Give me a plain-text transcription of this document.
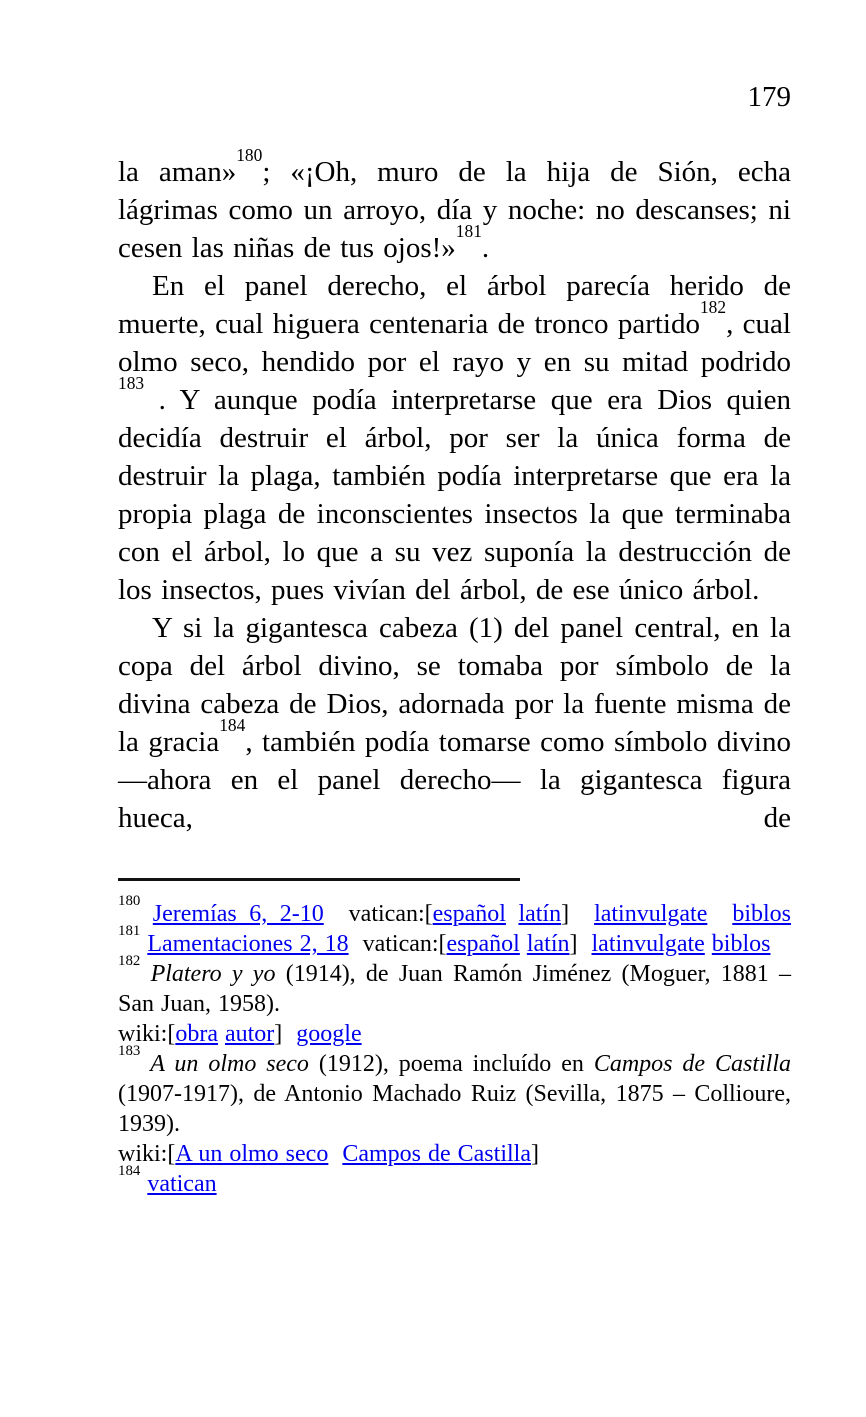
179

la aman»$^{180}$; «¡Oh, muro de la hija de Sión, echa lágrimas como un arroyo, día y noche: no descanses; ni cesen las niñas de tus ojos!»$^{181}$.

En el panel derecho, el árbol parecía herido de muerte, cual higuera centenaria de tronco partido$^{182}$, cual olmo seco, hendido por el rayo y en su mitad podrido $^{183}$ . Y aunque podía interpretarse que era Dios quien decidía destruir el árbol, por ser la única forma de destruir la plaga, también podía interpretarse que era la propia plaga de inconscientes insectos la que terminaba con el árbol, lo que a su vez suponía la destrucción de los insectos, pues vivían del árbol, de ese único árbol.

Y si la gigantesca cabeza (1) del panel central, en la copa del árbol divino, se tomaba por símbolo de la divina cabeza de Dios, adornada por la fuente misma de la gracia$^{184}$, también podía tomarse como símbolo divino —ahora en el panel derecho— la gigantesca figura hueca, de

$^{180}$ Jeremías 6, 2-10  vatican:[español latín]  latinvulgate biblos

$^{181}$ Lamentaciones 2, 18  vatican:[español latín]  latinvulgate biblos

$^{182}$ Platero y yo (1914), de Juan Ramón Jiménez (Moguer, 1881 – San Juan, 1958).
wiki:[obra autor]  google

$^{183}$ A un olmo seco (1912), poema incluído en Campos de Castilla (1907-1917), de Antonio Machado Ruiz (Sevilla, 1875 – Collioure, 1939).
wiki:[A un olmo seco Campos de Castilla]

$^{184}$ vatican
